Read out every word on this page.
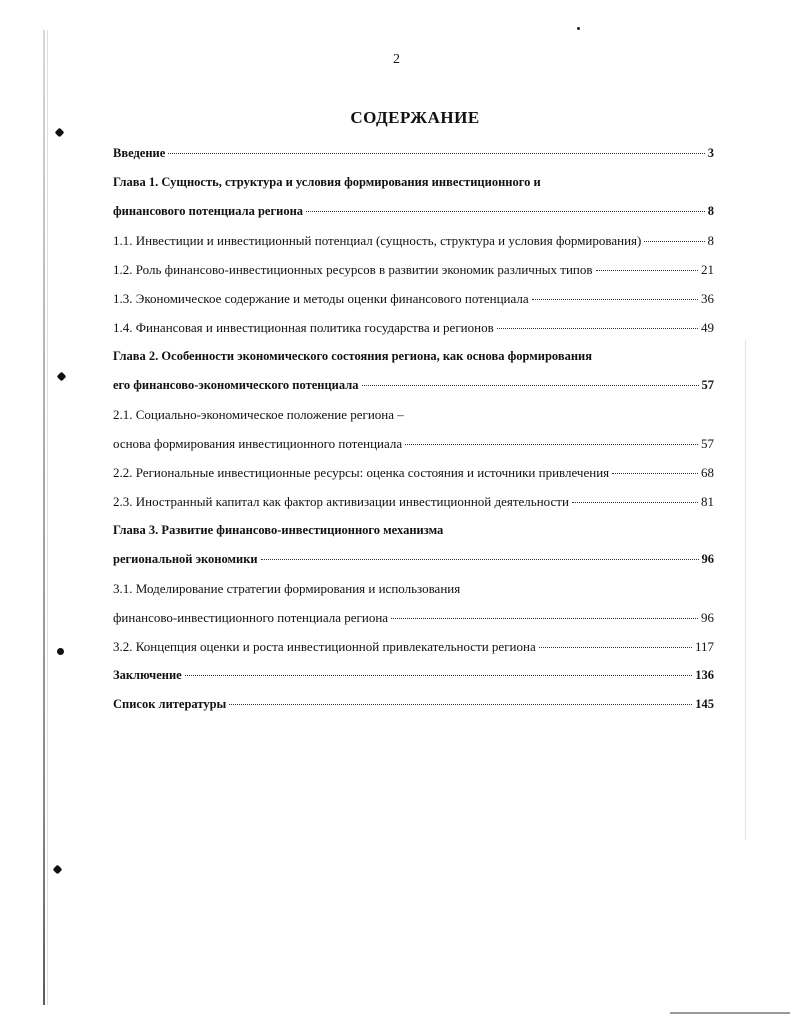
2
СОДЕРЖАНИЕ
Введение	3
Глава 1. Сущность, структура и условия формирования инвестиционного и
финансового потенциала региона	8
1.1. Инвестиции и инвестиционный потенциал (сущность, структура и условия формирования)	8
1.2. Роль финансово-инвестиционных ресурсов в развитии экономик различных типов	21
1.3. Экономическое содержание и методы оценки финансового потенциала	36
1.4. Финансовая и инвестиционная политика государства и регионов	49
Глава 2. Особенности экономического состояния региона, как основа формирования
его финансово-экономического потенциала	57
2.1. Социально-экономическое положение региона –
основа формирования инвестиционного потенциала	57
2.2. Региональные инвестиционные ресурсы: оценка состояния и источники привлечения	68
2.3. Иностранный капитал как фактор активизации инвестиционной деятельности	81
Глава 3. Развитие финансово-инвестиционного механизма
региональной экономики	96
3.1. Моделирование стратегии формирования и использования
финансово-инвестиционного потенциала региона	96
3.2. Концепция оценки и роста инвестиционной привлекательности региона	117
Заключение	136
Список литературы	145
